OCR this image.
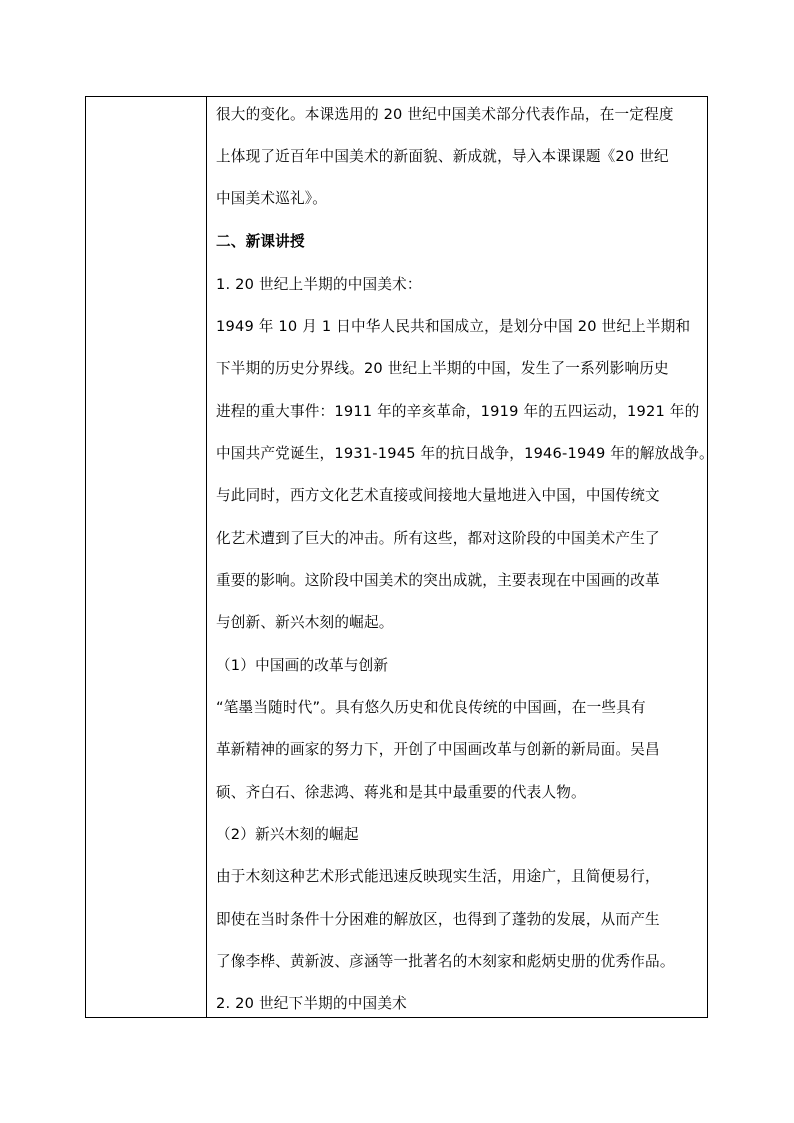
很大的变化。本课选用的 20 世纪中国美术部分代表作品，在一定程度
上体现了近百年中国美术的新面貌、新成就，导入本课课题《20 世纪
中国美术巡礼》。
二、新课讲授
1. 20 世纪上半期的中国美术：
1949 年 10 月 1 日中华人民共和国成立，是划分中国 20 世纪上半期和
下半期的历史分界线。20 世纪上半期的中国，发生了一系列影响历史
进程的重大事件：1911 年的辛亥革命，1919 年的五四运动，1921 年的
中国共产党诞生，1931-1945 年的抗日战争，1946-1949 年的解放战争。
与此同时，西方文化艺术直接或间接地大量地进入中国，中国传统文
化艺术遭到了巨大的冲击。所有这些，都对这阶段的中国美术产生了
重要的影响。这阶段中国美术的突出成就，主要表现在中国画的改革
与创新、新兴木刻的崛起。
（1）中国画的改革与创新
“笔墨当随时代”。具有悠久历史和优良传统的中国画，在一些具有
革新精神的画家的努力下，开创了中国画改革与创新的新局面。吴昌
硕、齐白石、徐悲鸿、蒋兆和是其中最重要的代表人物。
（2）新兴木刻的崛起
由于木刻这种艺术形式能迅速反映现实生活，用途广，且简便易行，
即使在当时条件十分困难的解放区，也得到了蓬勃的发展，从而产生
了像李桦、黄新波、彦涵等一批著名的木刻家和彪炳史册的优秀作品。
2. 20 世纪下半期的中国美术
